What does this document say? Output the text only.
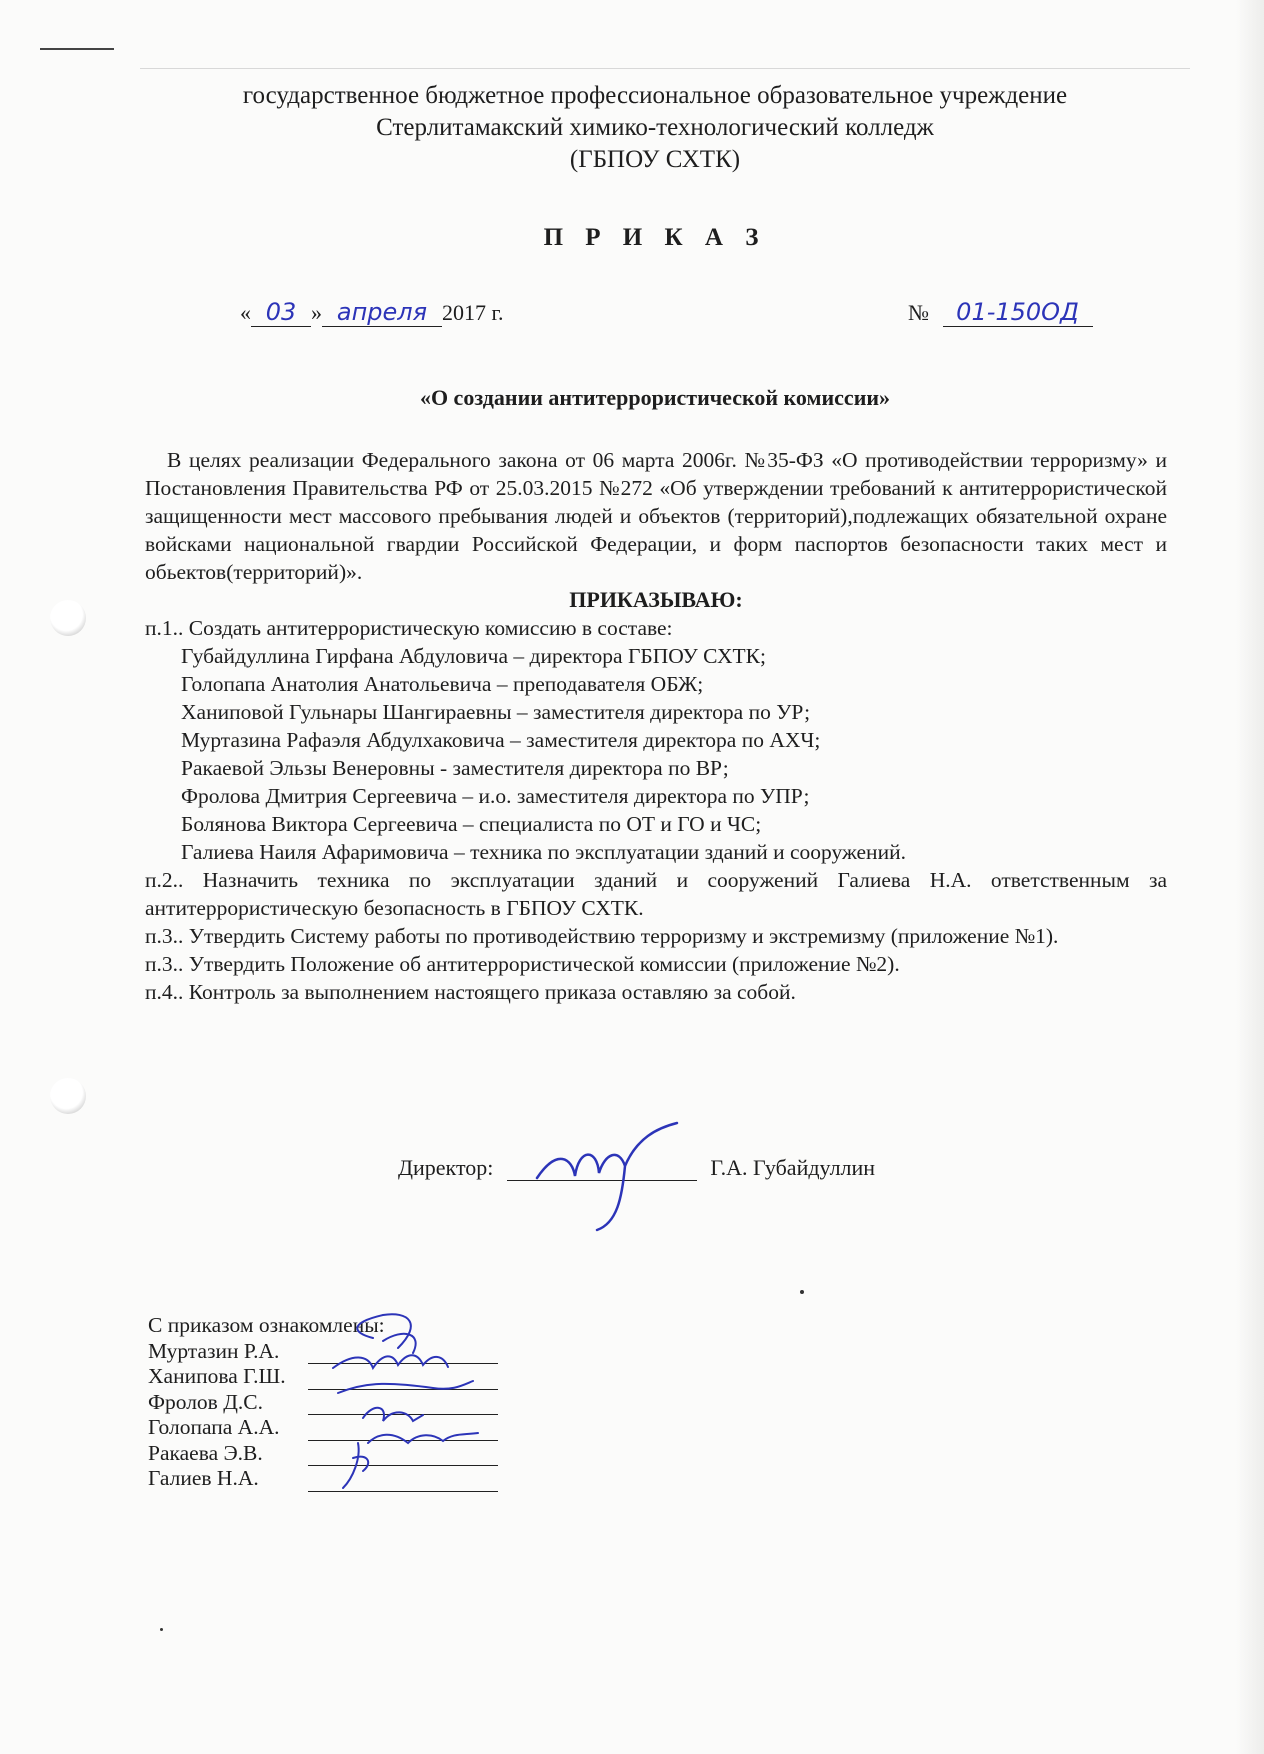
государственное бюджетное профессиональное образовательное учреждение
Стерлитамакский химико-технологический колледж
(ГБПОУ СХТК)
П Р И К А З
« 03 » апреля 2017 г.	№ 01-150ОД
«О создании антитеррористической комиссии»
В целях реализации Федерального закона от 06 марта 2006г. №35-ФЗ «О противодействии терроризму» и Постановления Правительства РФ от 25.03.2015 №272 «Об утверждении требований к антитеррористической защищенности мест массового пребывания людей и объектов (территорий),подлежащих обязательной охране войсками национальной гвардии Российской Федерации, и форм паспортов безопасности таких мест и обьектов(территорий)».
ПРИКАЗЫВАЮ:
п.1.. Создать антитеррористическую комиссию в составе:
Губайдуллина Гирфана Абдуловича – директора ГБПОУ СХТК;
Голопапа Анатолия Анатольевича – преподавателя ОБЖ;
Ханиповой Гульнары Шангираевны – заместителя директора по УР;
Муртазина Рафаэля Абдулхаковича – заместителя директора по АХЧ;
Ракаевой Эльзы Венеровны - заместителя директора по ВР;
Фролова Дмитрия Сергеевича – и.о. заместителя директора по УПР;
Болянова Виктора Сергеевича – специалиста по ОТ и ГО и ЧС;
Галиева Наиля Афаримовича – техника по эксплуатации зданий и сооружений.
п.2.. Назначить техника по эксплуатации зданий и сооружений Галиева Н.А. ответственным за антитеррористическую безопасность в ГБПОУ СХТК.
п.3.. Утвердить Систему работы по противодействию терроризму и экстремизму (приложение №1).
п.3.. Утвердить Положение об антитеррористической комиссии (приложение №2).
п.4.. Контроль за выполнением настоящего приказа оставляю за собой.
Директор:	Г.А. Губайдуллин
С приказом ознакомлены:
Муртазин Р.А.
Ханипова Г.Ш.
Фролов Д.С.
Голопапа А.А.
Ракаева Э.В.
Галиев Н.А.
